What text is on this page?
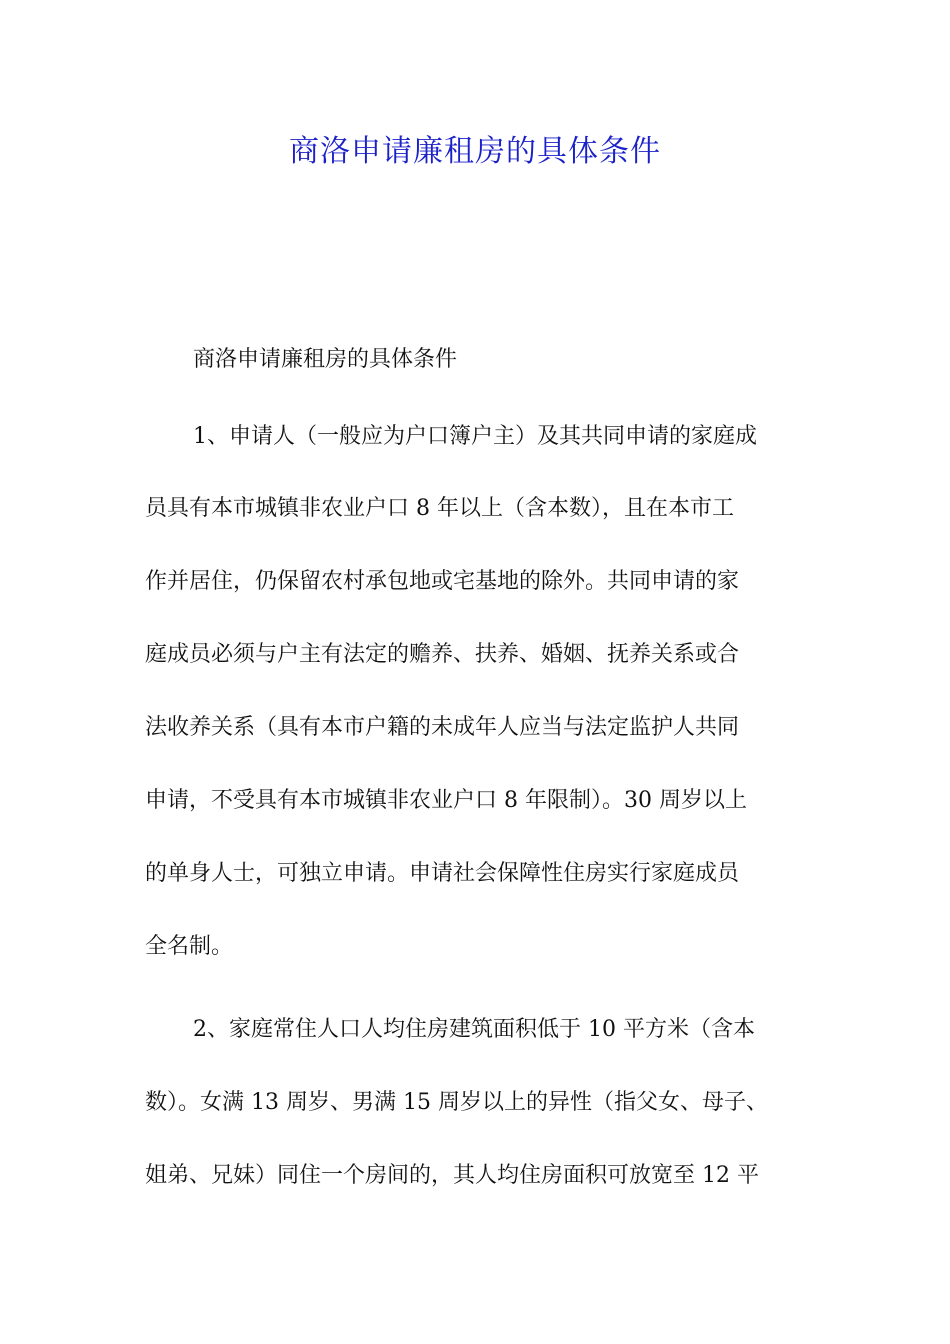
商洛申请廉租房的具体条件
商洛申请廉租房的具体条件
1、申请人（一般应为户口簿户主）及其共同申请的家庭成
员具有本市城镇非农业户口 8 年以上（含本数），且在本市工
作并居住，仍保留农村承包地或宅基地的除外。共同申请的家
庭成员必须与户主有法定的赡养、扶养、婚姻、抚养关系或合
法收养关系（具有本市户籍的未成年人应当与法定监护人共同
申请，不受具有本市城镇非农业户口 8 年限制）。30 周岁以上
的单身人士，可独立申请。申请社会保障性住房实行家庭成员
全名制。
2、家庭常住人口人均住房建筑面积低于 10 平方米（含本
数）。女满 13 周岁、男满 15 周岁以上的异性（指父女、母子、
姐弟、兄妹）同住一个房间的，其人均住房面积可放宽至 12 平
